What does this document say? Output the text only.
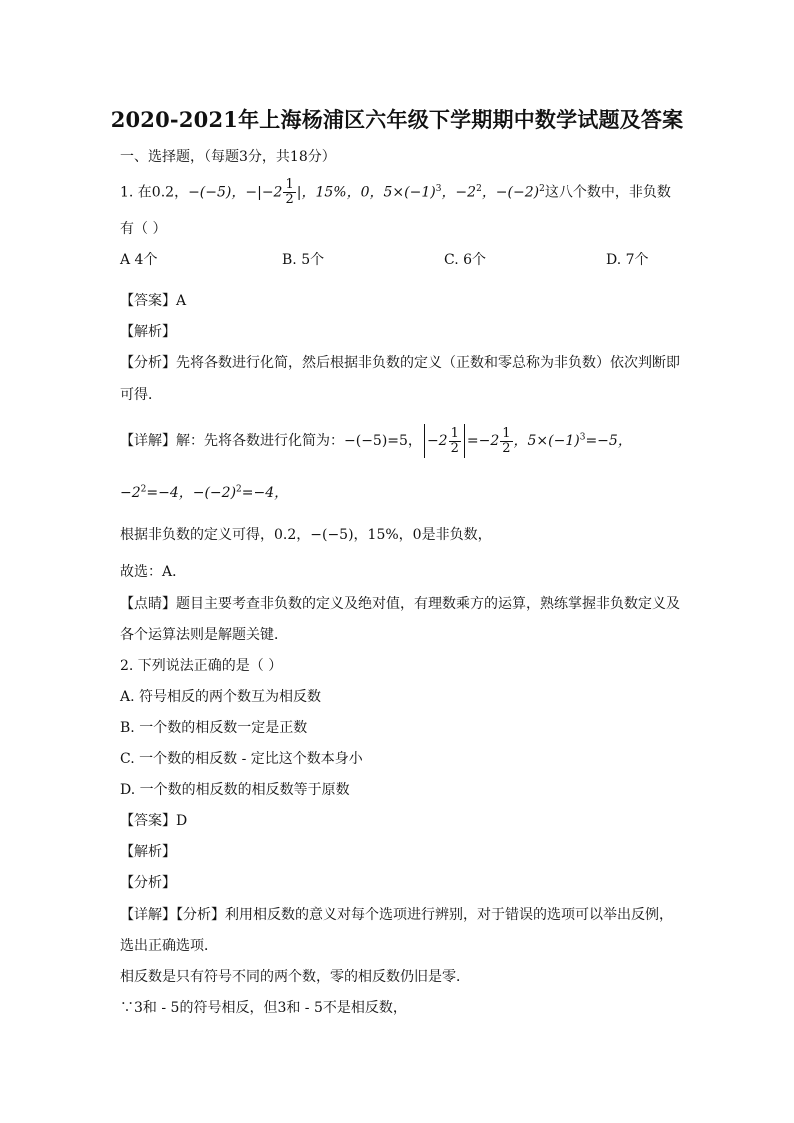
2020-2021年上海杨浦区六年级下学期期中数学试题及答案
一、选择题，（每题3分，共18分）
1. 在0.2，−(−5)，$-|-2 \frac{1}{2}$ |，15%，0，$5\times(-1)^3$，$-2^2$，$-(-2)^2$这八个数中，非负数
有（ ）
A 4个	B. 5个	C. 6个	D. 7个
【答案】A
【解析】
【分析】先将各数进行化简，然后根据非负数的定义（正数和零总称为非负数）依次判断即
可得．
【详解】解：先将各数进行化简为：−(−5)=5， $-2 \frac{1}{2} =-2 \frac{1}{2}$ ，$5\times(-1)^3=-5$，
$-2^2=-4$，$-(-2)^2=-4$，
根据非负数的定义可得，0.2，−(−5)，15%，0是非负数，
故选：A．
【点睛】题目主要考查非负数的定义及绝对值，有理数乘方的运算，熟练掌握非负数定义及
各个运算法则是解题关键．
2. 下列说法正确的是（ ）
A. 符号相反的两个数互为相反数
B. 一个数的相反数一定是正数
C. 一个数的相反数 - 定比这个数本身小
D. 一个数的相反数的相反数等于原数
【答案】D
【解析】
【分析】
【详解】【分析】利用相反数的意义对每个选项进行辨别，对于错误的选项可以举出反例，
选出正确选项．
相反数是只有符号不同的两个数，零的相反数仍旧是零．
∵3和 - 5的符号相反，但3和 - 5不是相反数，
